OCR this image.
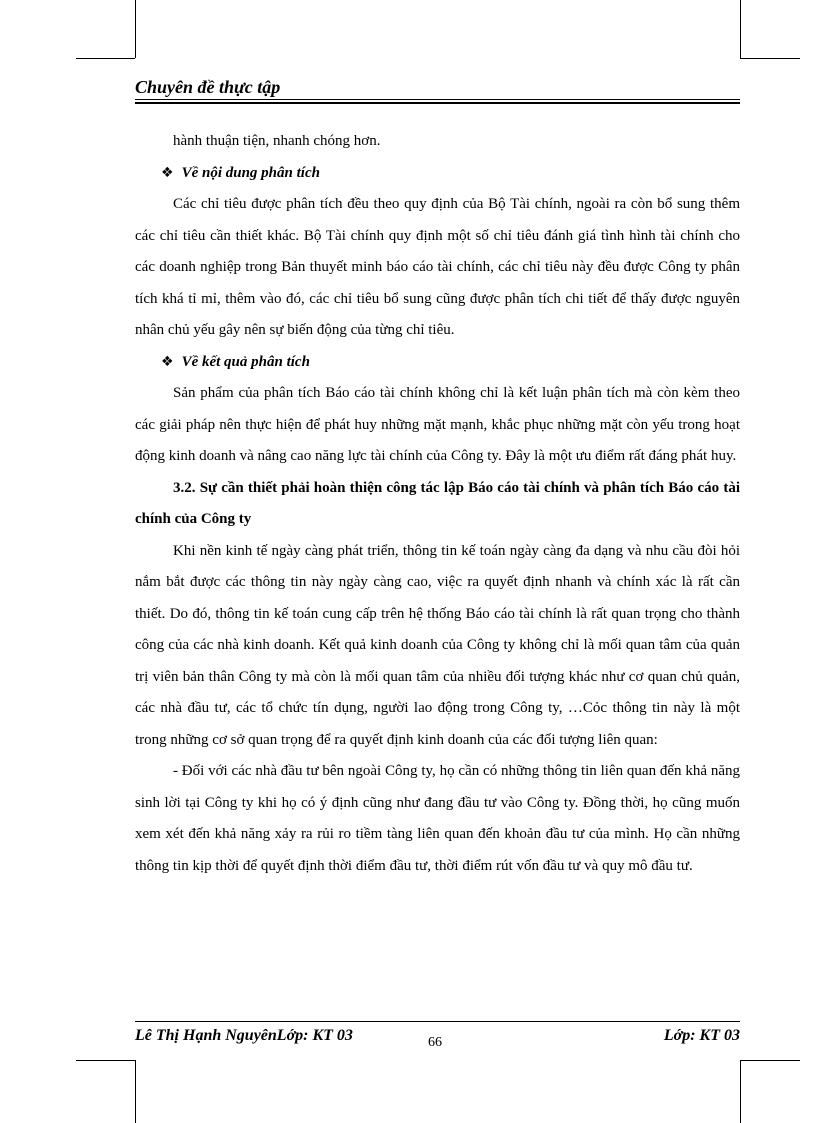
Chuyên đề thực tập

hành thuận tiện, nhanh chóng hơn.

❖ Về nội dung phân tích

Các chỉ tiêu được phân tích đều theo quy định của Bộ Tài chính, ngoài ra còn bổ sung thêm các chỉ tiêu cần thiết khác. Bộ Tài chính quy định một số chỉ tiêu đánh giá tình hình tài chính cho các doanh nghiệp trong Bản thuyết minh báo cáo tài chính, các chỉ tiêu này đều được Công ty phân tích khá tỉ mỉ, thêm vào đó, các chỉ tiêu bổ sung cũng được phân tích chi tiết để thấy được nguyên nhân chủ yếu gây nên sự biến động của từng chỉ tiêu.

❖ Về kết quả phân tích

Sản phẩm của phân tích Báo cáo tài chính không chỉ là kết luận phân tích mà còn kèm theo các giải pháp nên thực hiện để phát huy những mặt mạnh, khắc phục những mặt còn yếu trong hoạt động kinh doanh và nâng cao năng lực tài chính của Công ty. Đây là một ưu điểm rất đáng phát huy.

3.2. Sự cần thiết phải hoàn thiện công tác lập Báo cáo tài chính và phân tích Báo cáo tài chính của Công ty

Khi nền kinh tế ngày càng phát triển, thông tin kế toán ngày càng đa dạng và nhu cầu đòi hỏi nắm bắt được các thông tin này ngày càng cao, việc ra quyết định nhanh và chính xác là rất cần thiết. Do đó, thông tin kế toán cung cấp trên hệ thống Báo cáo tài chính là rất quan trọng cho thành công của các nhà kinh doanh. Kết quả kinh doanh của Công ty không chỉ là mối quan tâm của quản trị viên bản thân Công ty mà còn là mối quan tâm của nhiều đối tượng khác như cơ quan chủ quản, các nhà đầu tư, các tổ chức tín dụng, người lao động trong Công ty, …Cỏc thông tin này là một trong những cơ sở quan trọng để ra quyết định kinh doanh của các đối tượng liên quan:

- Đối với các nhà đầu tư bên ngoài Công ty, họ cần có những thông tin liên quan đến khả năng sinh lời tại Công ty khi họ có ý định cũng như đang đầu tư vào Công ty. Đồng thời, họ cũng muốn xem xét đến khả năng xảy ra rủi ro tiềm tàng liên quan đến khoản đầu tư của mình. Họ cần những thông tin kịp thời để quyết định thời điểm đầu tư, thời điểm rút vốn đầu tư và quy mô đầu tư.

Lê Thị Hạnh NguyênLớp: KT 03	66	Lớp: KT 03
